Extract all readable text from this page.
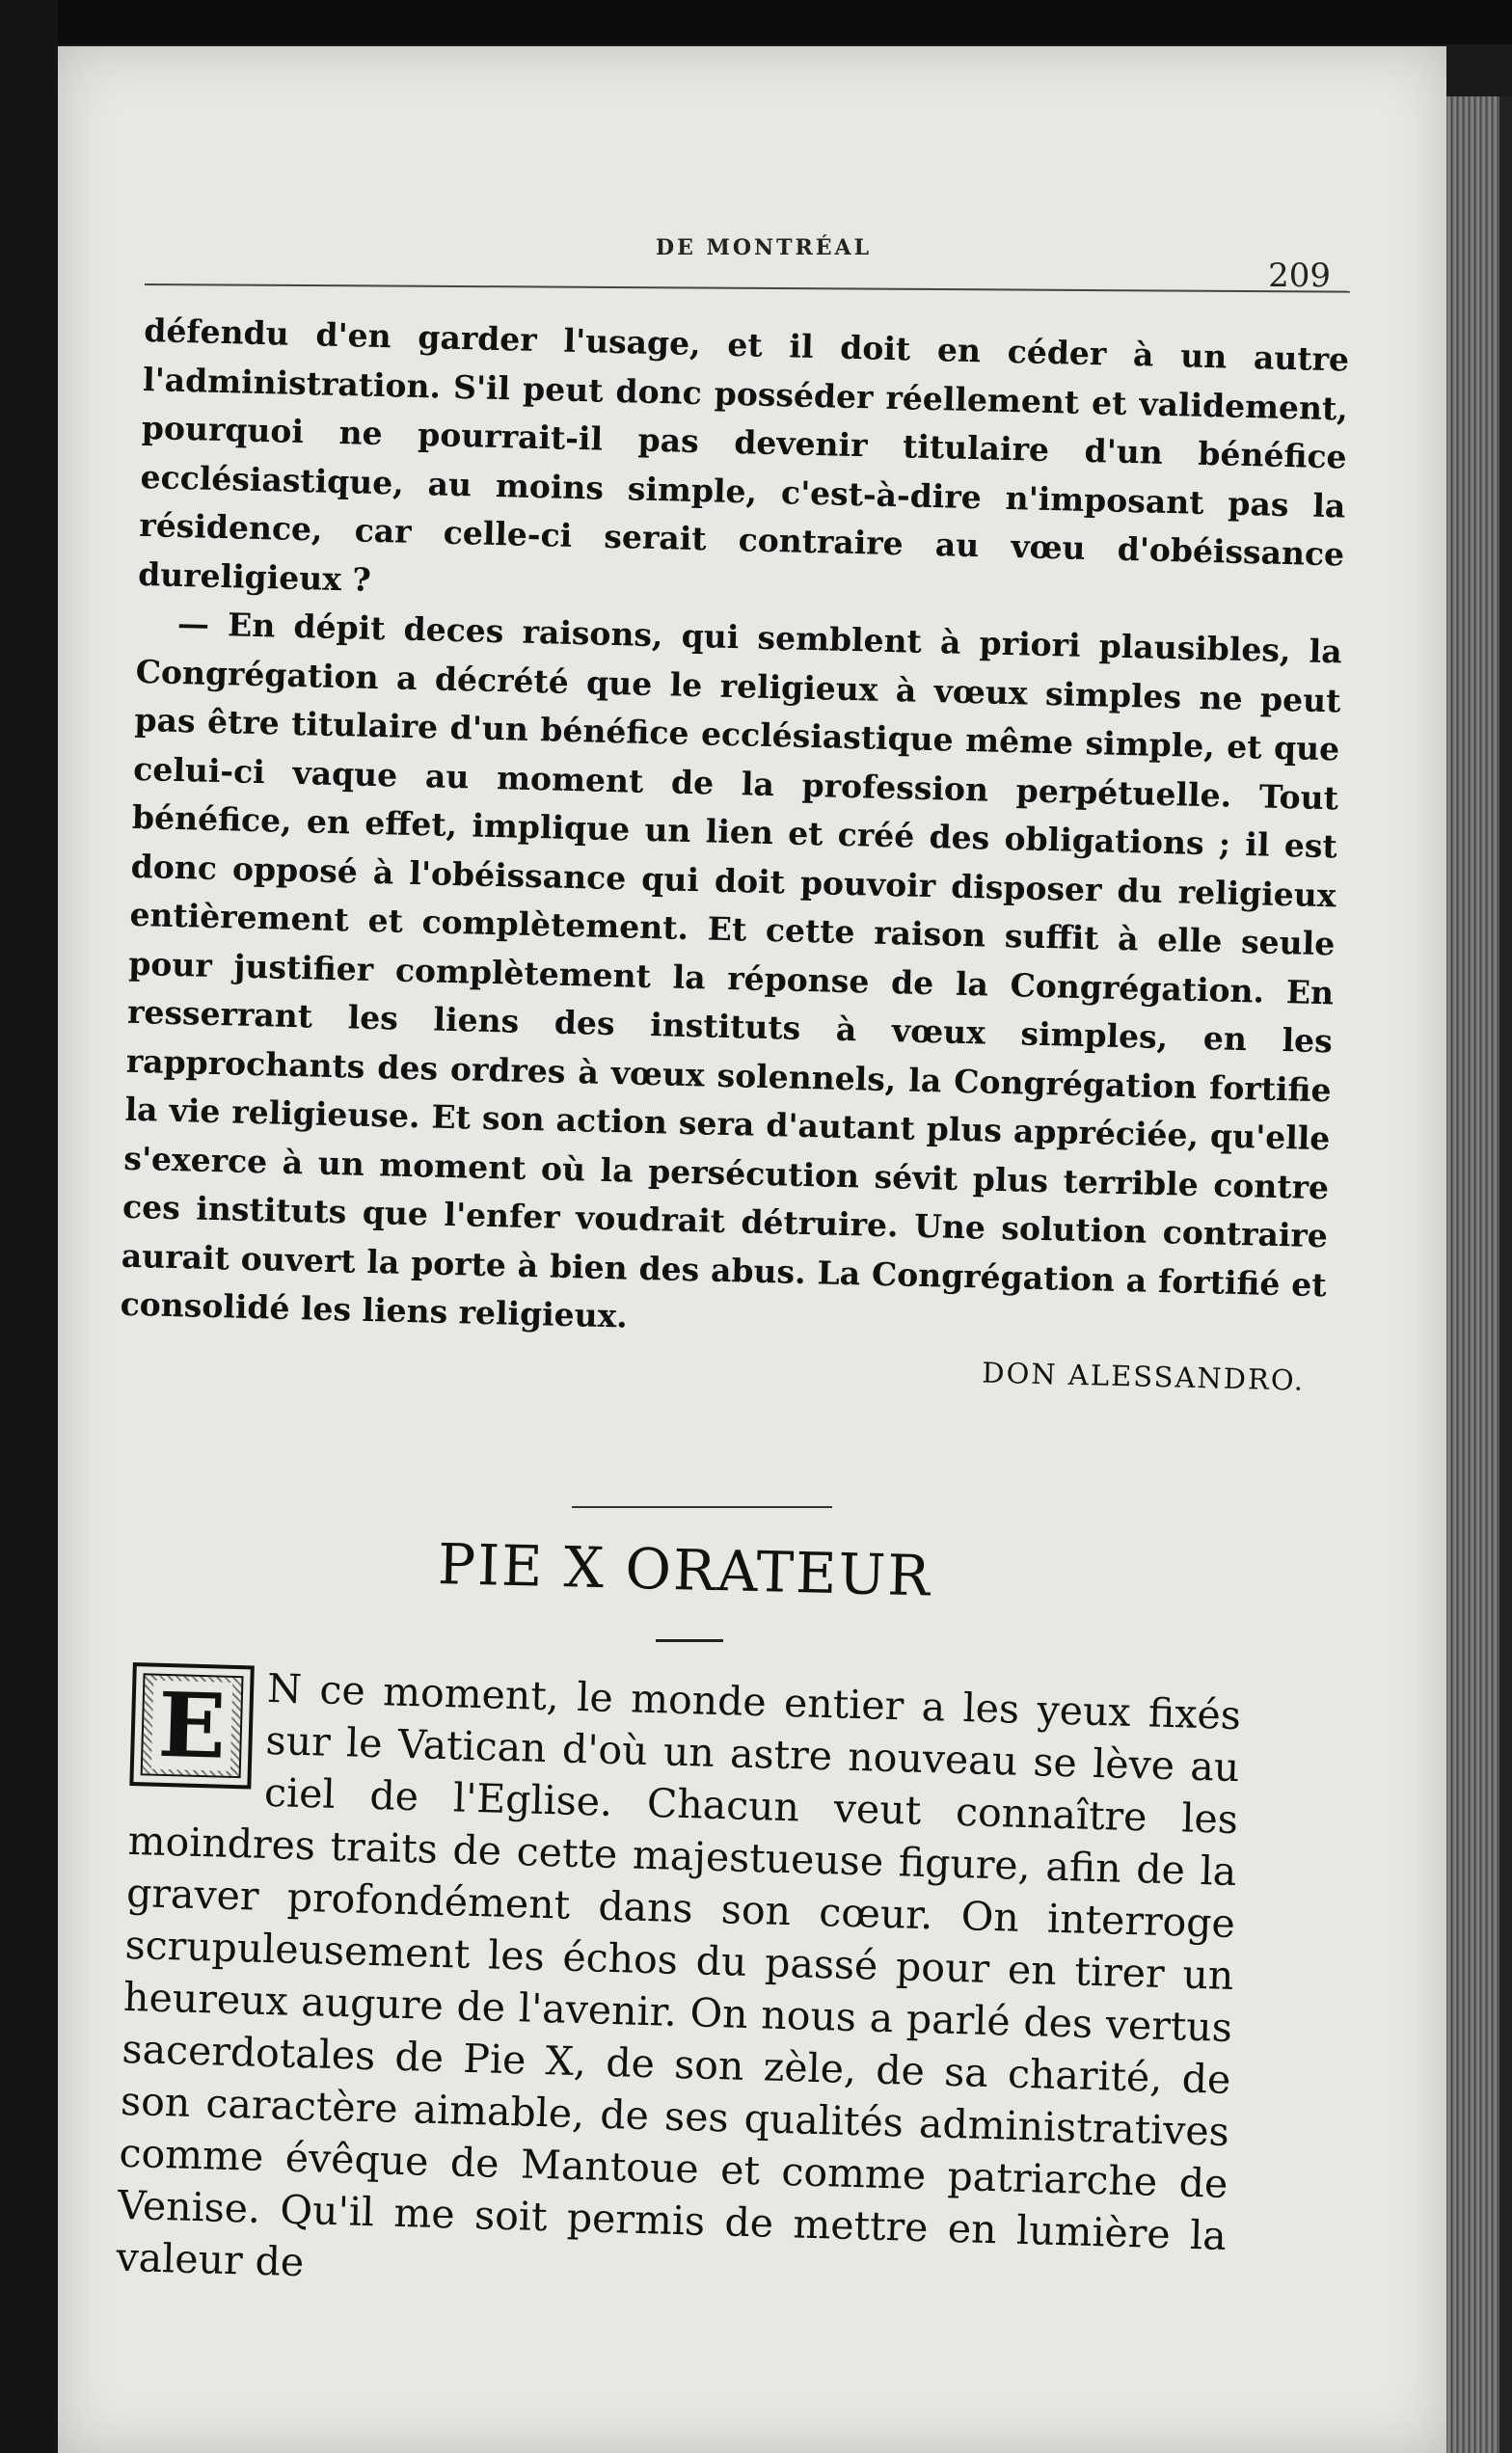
DE MONTRÉAL
209

défendu d'en garder l'usage, et il doit en céder à un autre l'administration. S'il peut donc posséder réellement et validement, pourquoi ne pourrait-il pas devenir titulaire d'un bénéfice ecclésiastique, au moins simple, c'est-à-dire n'imposant pas la résidence, car celle-ci serait contraire au vœu d'obéissance dureligieux ?

— En dépit deces raisons, qui semblent à priori plausibles, la Congrégation a décrété que le religieux à vœux simples ne peut pas être titulaire d'un bénéfice ecclésiastique même simple, et que celui-ci vaque au moment de la profession perpétuelle. Tout bénéfice, en effet, implique un lien et créé des obligations ; il est donc opposé à l'obéissance qui doit pouvoir disposer du religieux entièrement et complètement. Et cette raison suffit à elle seule pour justifier complètement la réponse de la Congrégation. En resserrant les liens des instituts à vœux simples, en les rapprochants des ordres à vœux solennels, la Congrégation fortifie la vie religieuse. Et son action sera d'autant plus appréciée, qu'elle s'exerce à un moment où la persécution sévit plus terrible contre ces instituts que l'enfer voudrait détruire. Une solution contraire aurait ouvert la porte à bien des abus. La Congrégation a fortifié et consolidé les liens religieux.

DON ALESSANDRO.
PIE X ORATEUR
E N ce moment, le monde entier a les yeux fixés sur le Vatican d'où un astre nouveau se lève au ciel de l'Eglise. Chacun veut connaître les moindres traits de cette majestueuse figure, afin de la graver profondément dans son cœur. On interroge scrupuleusement les échos du passé pour en tirer un heureux augure de l'avenir. On nous a parlé des vertus sacerdotales de Pie X, de son zèle, de sa charité, de son caractère aimable, de ses qualités administratives comme évêque de Mantoue et comme patriarche de Venise. Qu'il me soit permis de mettre en lumière la valeur de
